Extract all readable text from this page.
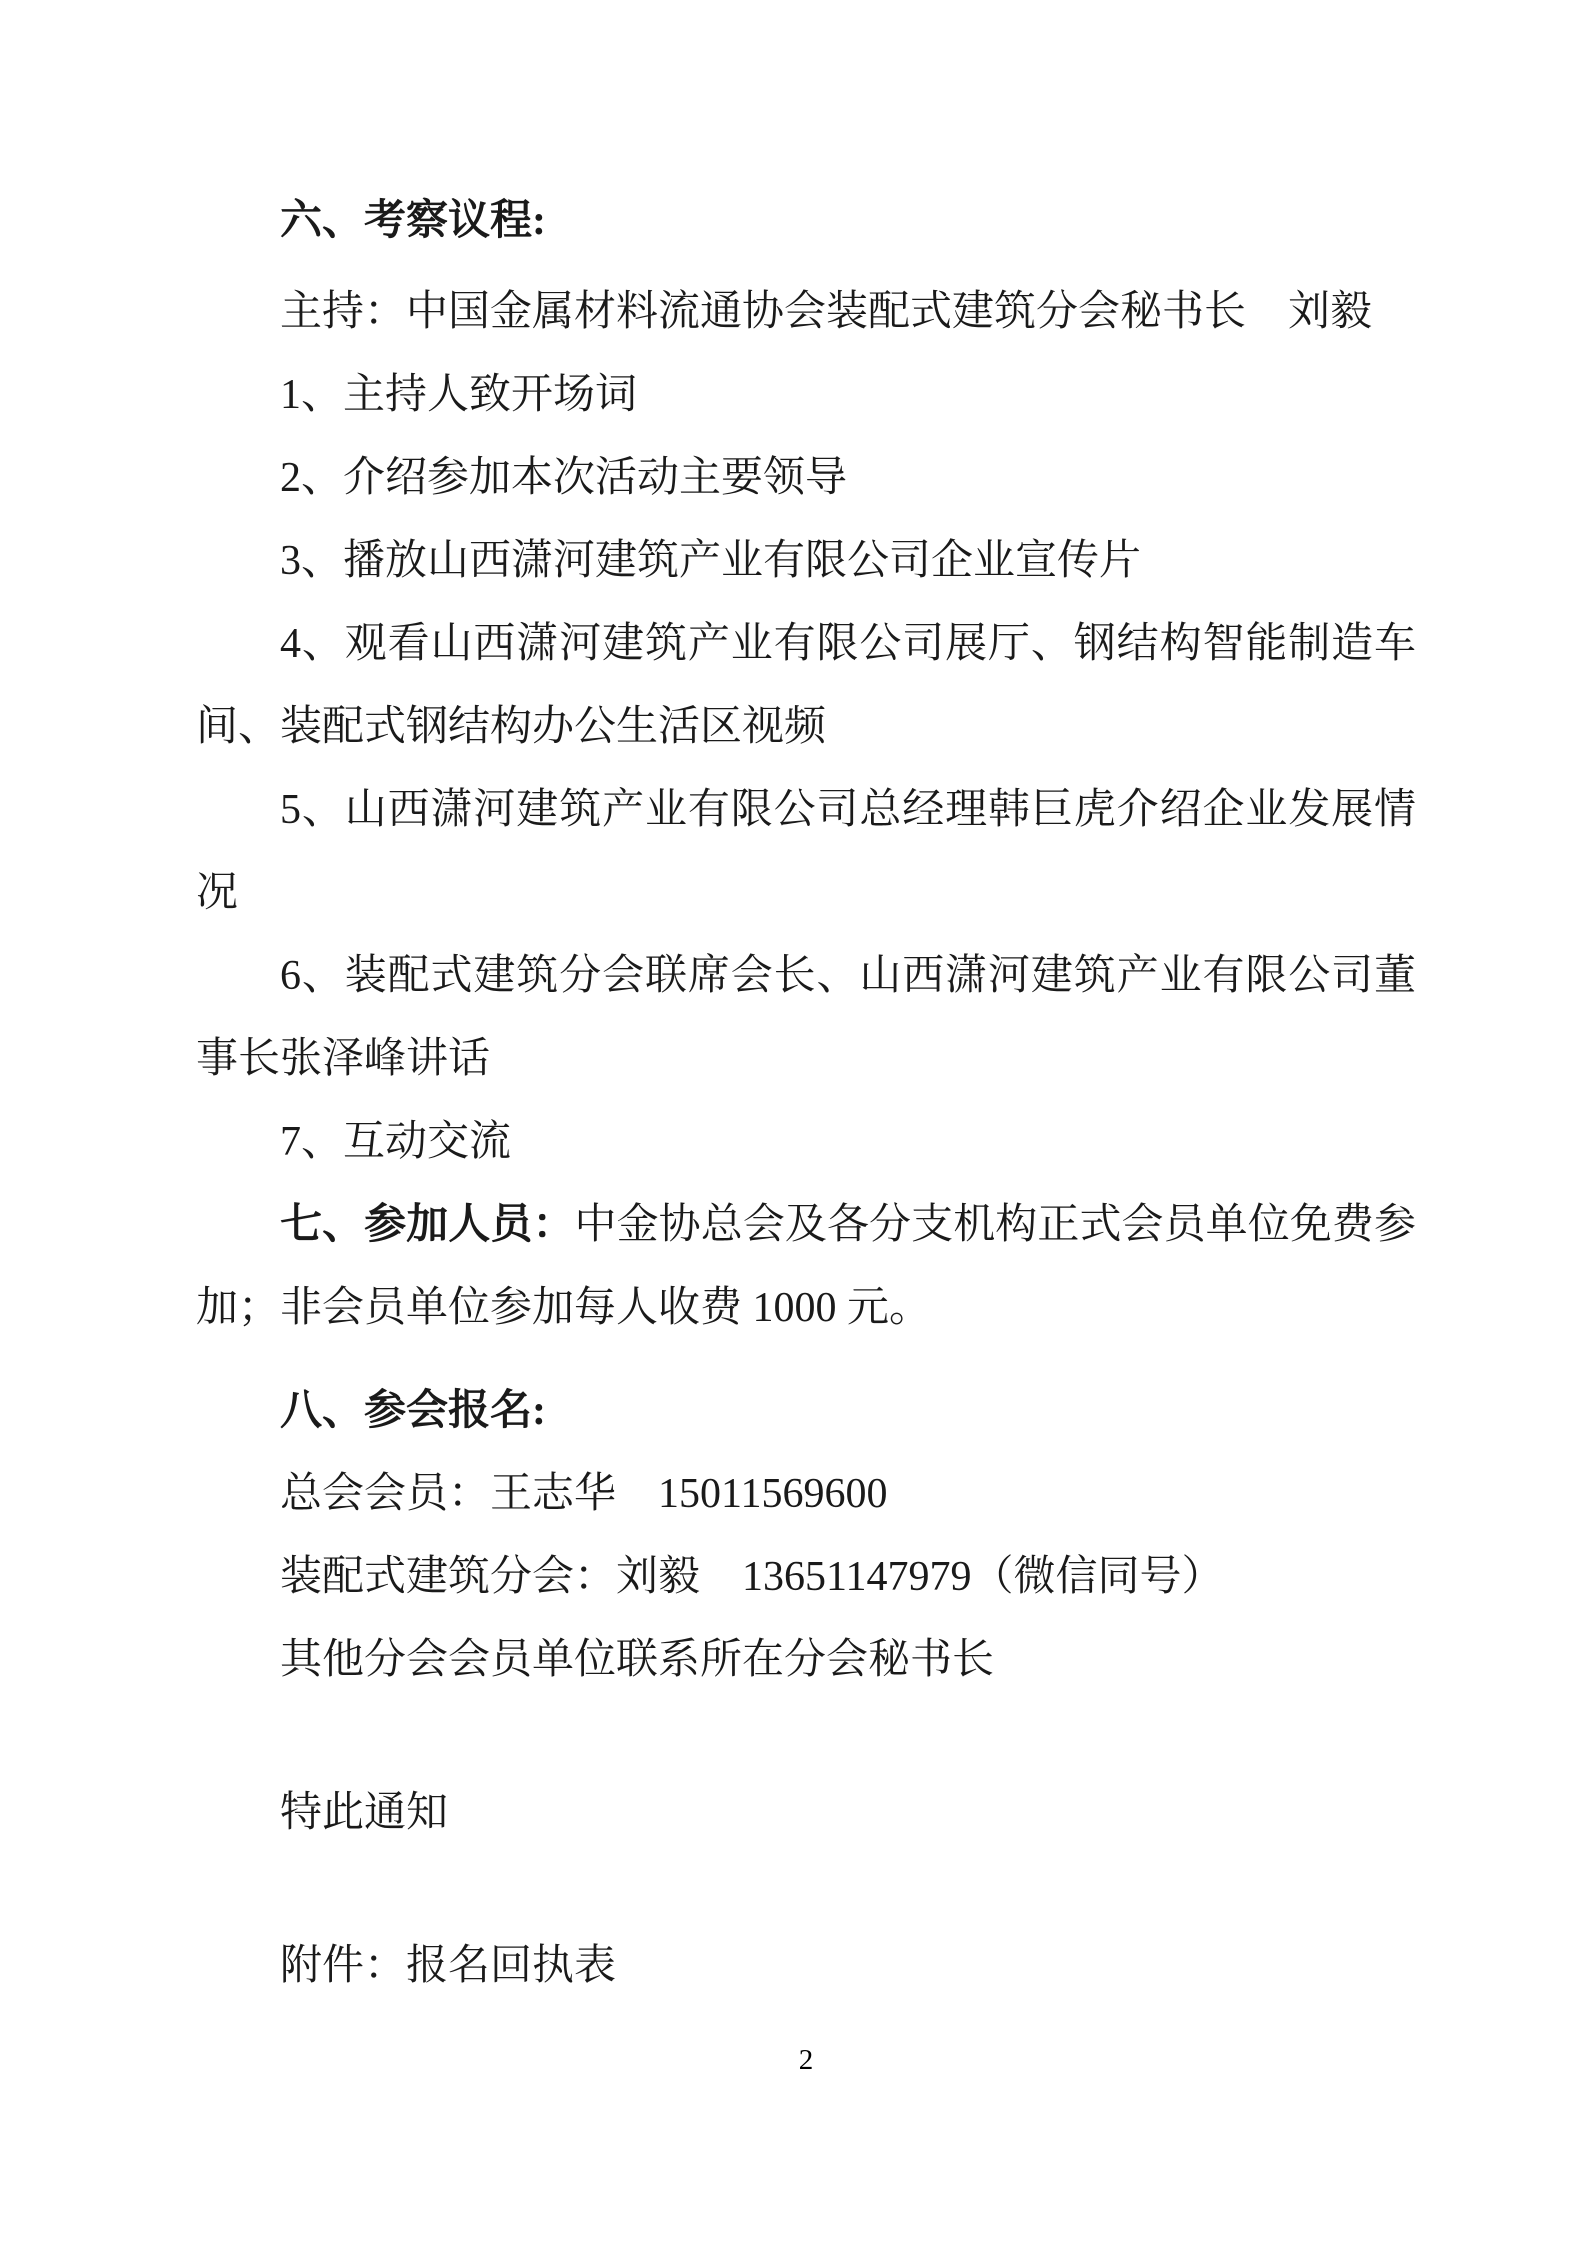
六、考察议程:

主持：中国金属材料流通协会装配式建筑分会秘书长　刘毅

1、主持人致开场词

2、介绍参加本次活动主要领导

3、播放山西潇河建筑产业有限公司企业宣传片

4、观看山西潇河建筑产业有限公司展厅、钢结构智能制造车间、装配式钢结构办公生活区视频

5、山西潇河建筑产业有限公司总经理韩巨虎介绍企业发展情况

6、装配式建筑分会联席会长、山西潇河建筑产业有限公司董事长张泽峰讲话

7、互动交流

七、参加人员：中金协总会及各分支机构正式会员单位免费参加；非会员单位参加每人收费 1000 元。

八、参会报名:

总会会员：王志华　15011569600

装配式建筑分会：刘毅　13651147979（微信同号）

其他分会会员单位联系所在分会秘书长

特此通知

附件：报名回执表

2
